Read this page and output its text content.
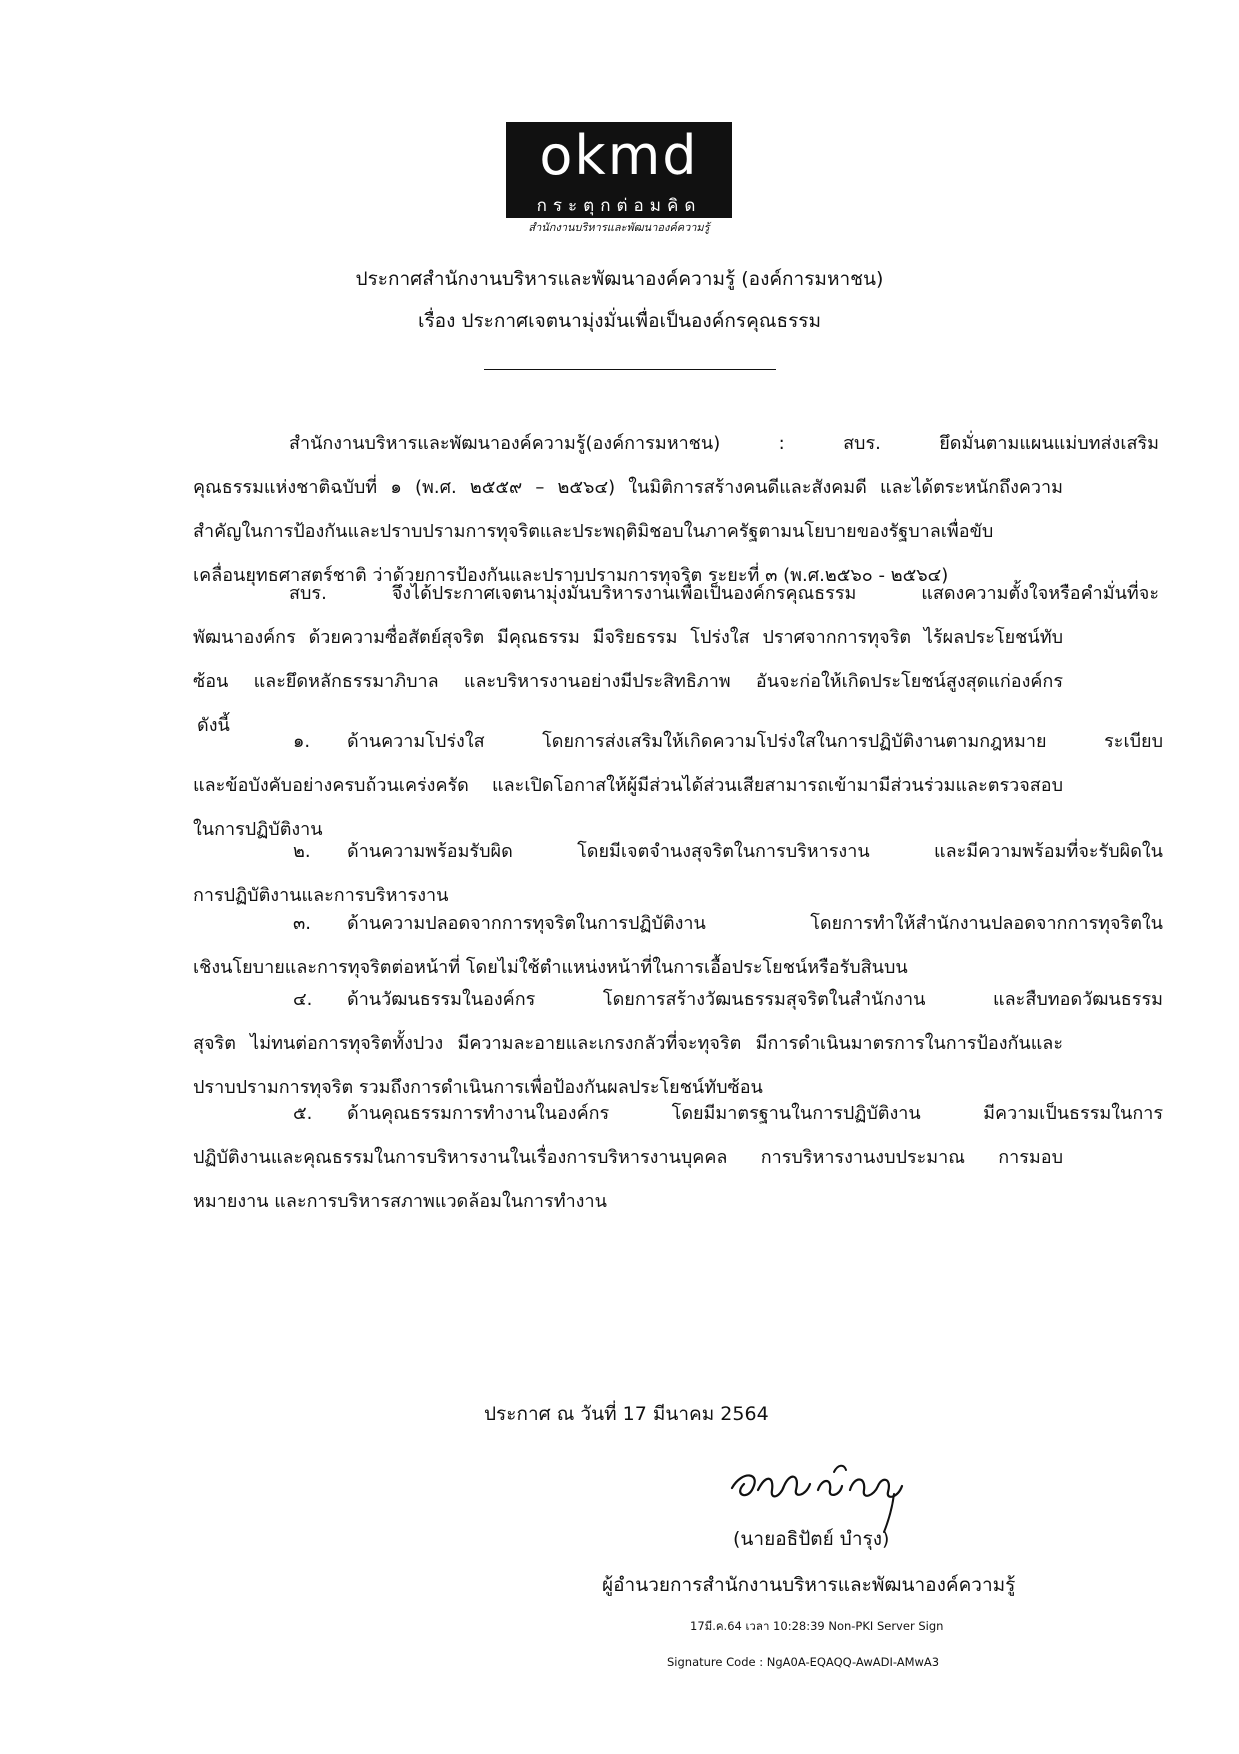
okmd
กระตุกต่อมคิด
สำนักงานบริหารและพัฒนาองค์ความรู้
ประกาศสำนักงานบริหารและพัฒนาองค์ความรู้ (องค์การมหาชน)
เรื่อง ประกาศเจตนามุ่งมั่นเพื่อเป็นองค์กรคุณธรรม
สำนักงานบริหารและพัฒนาองค์ความรู้(องค์การมหาชน) : สบร. ยึดมั่นตามแผนแม่บทส่งเสริม
คุณธรรมแห่งชาติฉบับที่ ๑ (พ.ศ. ๒๕๕๙ – ๒๕๖๔) ในมิติการสร้างคนดีและสังคมดี และได้ตระหนักถึงความ
สำคัญในการป้องกันและปราบปรามการทุจริตและประพฤติมิชอบในภาครัฐตามนโยบายของรัฐบาลเพื่อขับ
เคลื่อนยุทธศาสตร์ชาติ ว่าด้วยการป้องกันและปราบปรามการทุจริต ระยะที่ ๓ (พ.ศ.๒๕๖๐ - ๒๕๖๔)
สบร. จึงได้ประกาศเจตนามุ่งมั่นบริหารงานเพื่อเป็นองค์กรคุณธรรม แสดงความตั้งใจหรือคำมั่นที่จะ
พัฒนาองค์กร ด้วยความซื่อสัตย์สุจริต มีคุณธรรม มีจริยธรรม โปร่งใส ปราศจากการทุจริต ไร้ผลประโยชน์ทับ
ซ้อน และยึดหลักธรรมาภิบาล และบริหารงานอย่างมีประสิทธิภาพ อันจะก่อให้เกิดประโยชน์สูงสุดแก่องค์กร
ดังนี้
๑. ด้านความโปร่งใส โดยการส่งเสริมให้เกิดความโปร่งใสในการปฏิบัติงานตามกฎหมาย ระเบียบ
และข้อบังคับอย่างครบถ้วนเคร่งครัด และเปิดโอกาสให้ผู้มีส่วนได้ส่วนเสียสามารถเข้ามามีส่วนร่วมและตรวจสอบ
ในการปฏิบัติงาน
๒. ด้านความพร้อมรับผิด โดยมีเจตจำนงสุจริตในการบริหารงาน และมีความพร้อมที่จะรับผิดใน
การปฏิบัติงานและการบริหารงาน
๓. ด้านความปลอดจากการทุจริตในการปฏิบัติงาน โดยการทำให้สำนักงานปลอดจากการทุจริตใน
เชิงนโยบายและการทุจริตต่อหน้าที่ โดยไม่ใช้ตำแหน่งหน้าที่ในการเอื้อประโยชน์หรือรับสินบน
๔. ด้านวัฒนธรรมในองค์กร โดยการสร้างวัฒนธรรมสุจริตในสำนักงาน และสืบทอดวัฒนธรรม
สุจริต ไม่ทนต่อการทุจริตทั้งปวง มีความละอายและเกรงกลัวที่จะทุจริต มีการดำเนินมาตรการในการป้องกันและ
ปราบปรามการทุจริต รวมถึงการดำเนินการเพื่อป้องกันผลประโยชน์ทับซ้อน
๕. ด้านคุณธรรมการทำงานในองค์กร โดยมีมาตรฐานในการปฏิบัติงาน มีความเป็นธรรมในการ
ปฏิบัติงานและคุณธรรมในการบริหารงานในเรื่องการบริหารงานบุคคล การบริหารงานงบประมาณ การมอบ
หมายงาน และการบริหารสภาพแวดล้อมในการทำงาน
ประกาศ ณ วันที่ 17 มีนาคม 2564
(นายอธิปัตย์ บำรุง)
ผู้อำนวยการสำนักงานบริหารและพัฒนาองค์ความรู้
17มี.ค.64 เวลา 10:28:39 Non-PKI Server Sign
Signature Code : NgA0A-EQAQQ-AwADI-AMwA3
